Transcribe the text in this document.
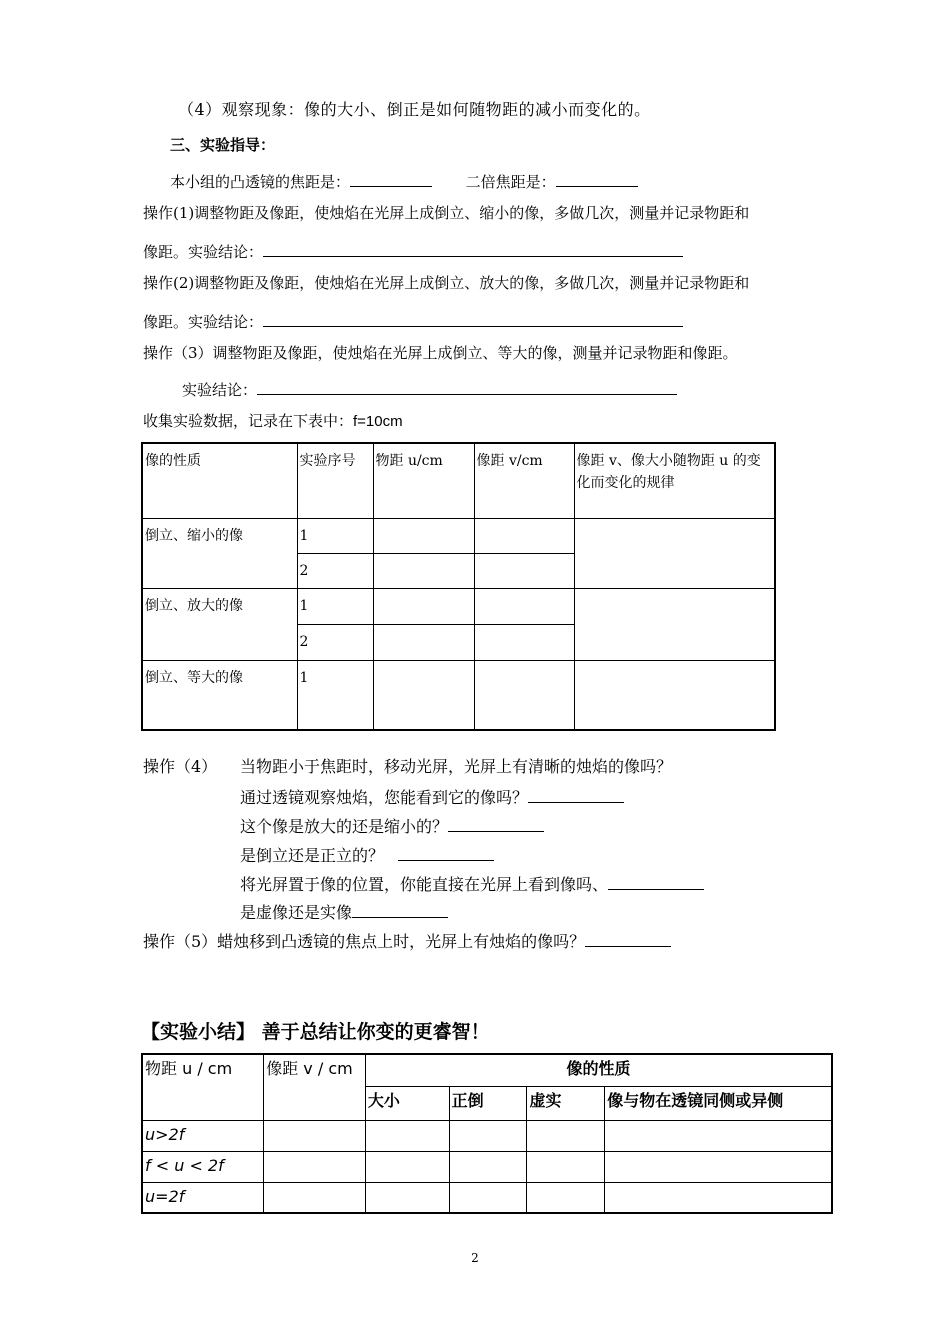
（4）观察现象：像的大小、倒正是如何随物距的减小而变化的。
三、实验指导：
本小组的凸透镜的焦距是：	二倍焦距是：
操作(1)调整物距及像距，使烛焰在光屏上成倒立、缩小的像，多做几次，测量并记录物距和
像距。实验结论：
操作(2)调整物距及像距，使烛焰在光屏上成倒立、放大的像，多做几次，测量并记录物距和
像距。实验结论：
操作（3）调整物距及像距，使烛焰在光屏上成倒立、等大的像，测量并记录物距和像距。
实验结论：
收集实验数据，记录在下表中：f=10cm
像的性质	实验序号	物距 u/cm	像距 v/cm	像距 v、像大小随物距 u 的变化而变化的规律
倒立、缩小的像	1			
	2			
倒立、放大的像	1			
	2			
倒立、等大的像	1			
操作（4） 当物距小于焦距时，移动光屏，光屏上有清晰的烛焰的像吗？
通过透镜观察烛焰，您能看到它的像吗？
这个像是放大的还是缩小的？
是倒立还是正立的？
将光屏置于像的位置，你能直接在光屏上看到像吗、
是虚像还是实像
操作（5）蜡烛移到凸透镜的焦点上时，光屏上有烛焰的像吗？
【实验小结】 善于总结让你变的更睿智！
物距 u / cm	像距 v / cm	像的性质			
		大小	正倒	虚实	像与物在透镜同侧或异侧
u>2f					
f < u < 2f					
u=2f					
2
